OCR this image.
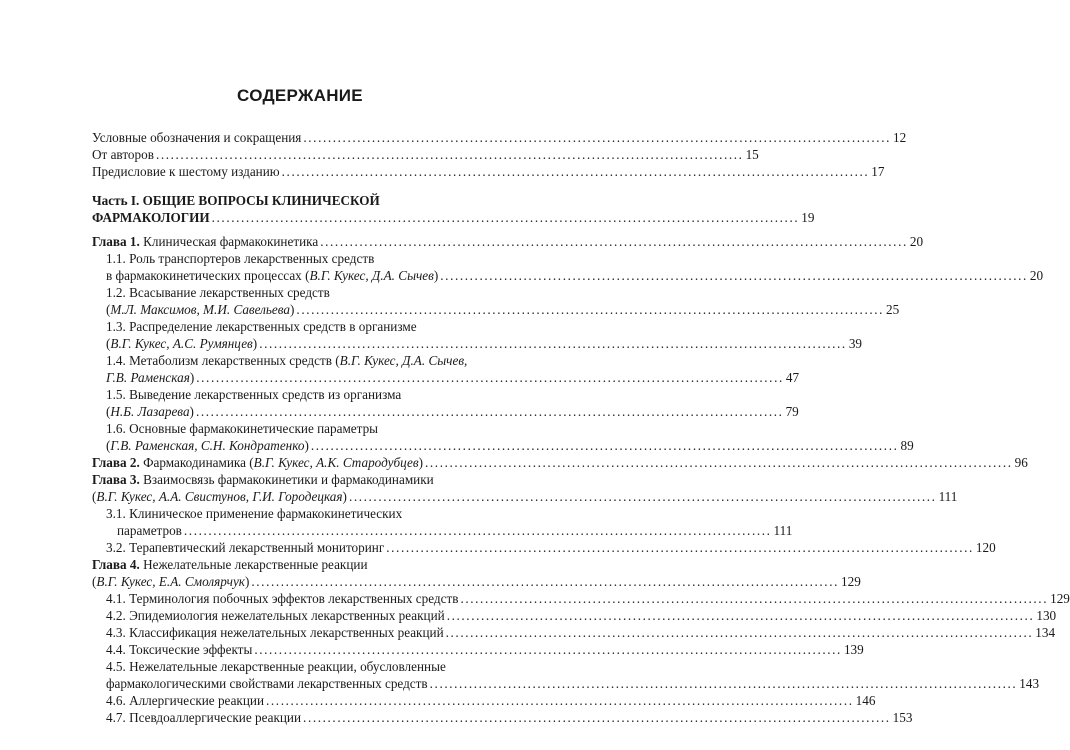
СОДЕРЖАНИЕ
Условные обозначения и сокращения ........................................................................................................................ 12
От авторов ........................................................................................................................ 15
Предисловие к шестому изданию ........................................................................................................................ 17
Часть I. ОБЩИЕ ВОПРОСЫ КЛИНИЧЕСКОЙ
ФАРМАКОЛОГИИ ........................................................................................................................ 19
Глава 1. Клиническая фармакокинетика ........................................................................................................................ 20
1.1. Роль транспортеров лекарственных средств
в фармакокинетических процессах (В.Г. Кукес, Д.А. Сычев) ........................................................................................................................ 20
1.2. Всасывание лекарственных средств
(М.Л. Максимов, М.И. Савельева) ........................................................................................................................ 25
1.3. Распределение лекарственных средств в организме
(В.Г. Кукес, А.С. Румянцев) ........................................................................................................................ 39
1.4. Метаболизм лекарственных средств (В.Г. Кукес, Д.А. Сычев,
Г.В. Раменская) ........................................................................................................................ 47
1.5. Выведение лекарственных средств из организма
(Н.Б. Лазарева) ........................................................................................................................ 79
1.6. Основные фармакокинетические параметры
(Г.В. Раменская, С.Н. Кондратенко) ........................................................................................................................ 89
Глава 2. Фармакодинамика (В.Г. Кукес, А.К. Стародубцев) ........................................................................................................................ 96
Глава 3. Взаимосвязь фармакокинетики и фармакодинамики
(В.Г. Кукес, А.А. Свистунов, Г.И. Городецкая) ........................................................................................................................ 111
3.1. Клиническое применение фармакокинетических
параметров ........................................................................................................................ 111
3.2. Терапевтический лекарственный мониторинг ........................................................................................................................ 120
Глава 4. Нежелательные лекарственные реакции
(В.Г. Кукес, Е.А. Смолярчук) ........................................................................................................................ 129
4.1. Терминология побочных эффектов лекарственных средств ........................................................................................................................ 129
4.2. Эпидемиология нежелательных лекарственных реакций ........................................................................................................................ 130
4.3. Классификация нежелательных лекарственных реакций ........................................................................................................................ 134
4.4. Токсические эффекты ........................................................................................................................ 139
4.5. Нежелательные лекарственные реакции, обусловленные
фармакологическими свойствами лекарственных средств ........................................................................................................................ 143
4.6. Аллергические реакции ........................................................................................................................ 146
4.7. Псевдоаллергические реакции ........................................................................................................................ 153
